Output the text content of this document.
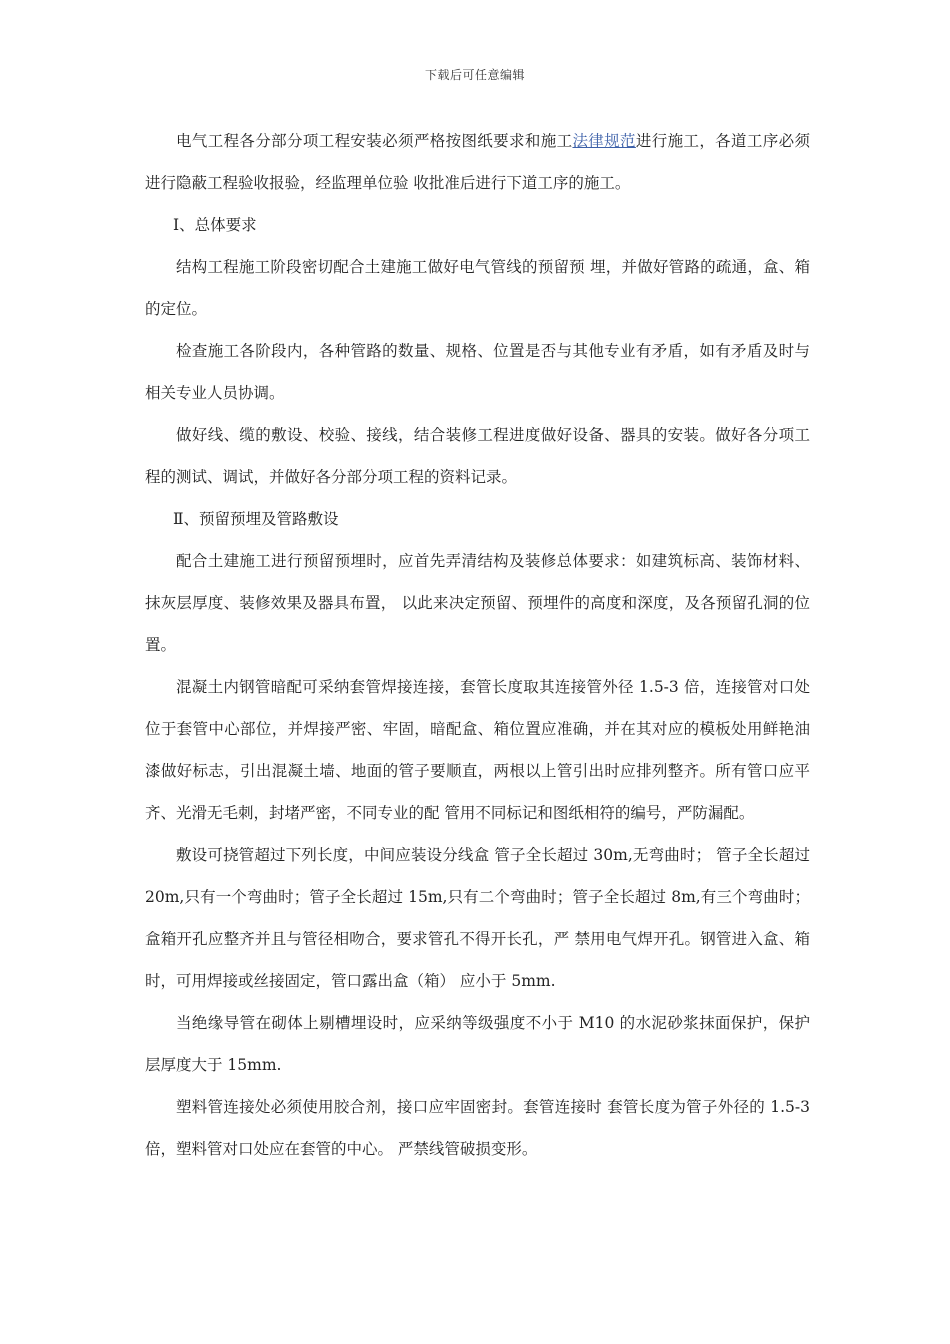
下载后可任意编辑

电气工程各分部分项工程安装必须严格按图纸要求和施工法律规范进行施工，各道工序必须进行隐蔽工程验收报验，经监理单位验 收批准后进行下道工序的施工。

Ⅰ、总体要求

结构工程施工阶段密切配合土建施工做好电气管线的预留预 埋，并做好管路的疏通，盒、箱的定位。

检查施工各阶段内，各种管路的数量、规格、位置是否与其他专业有矛盾，如有矛盾及时与相关专业人员协调。

做好线、缆的敷设、校验、接线，结合装修工程进度做好设备、器具的安装。做好各分项工程的测试、调试，并做好各分部分项工程的资料记录。

Ⅱ、预留预埋及管路敷设

配合土建施工进行预留预埋时，应首先弄清结构及装修总体要求：如建筑标高、装饰材料、抹灰层厚度、装修效果及器具布置， 以此来决定预留、预埋件的高度和深度，及各预留孔洞的位置。

混凝土内钢管暗配可采纳套管焊接连接，套管长度取其连接管外径 1.5-3 倍，连接管对口处位于套管中心部位，并焊接严密、牢固，暗配盒、箱位置应准确，并在其对应的模板处用鲜艳油漆做好标志，引出混凝土墙、地面的管子要顺直，两根以上管引出时应排列整齐。所有管口应平齐、光滑无毛刺，封堵严密，不同专业的配 管用不同标记和图纸相符的编号，严防漏配。

敷设可挠管超过下列长度，中间应装设分线盒 管子全长超过 30m,无弯曲时； 管子全长超过 20m,只有一个弯曲时；管子全长超过 15m,只有二个弯曲时；管子全长超过 8m,有三个弯曲时；盒箱开孔应整齐并且与管径相吻合，要求管孔不得开长孔，严 禁用电气焊开孔。钢管进入盒、箱时，可用焊接或丝接固定，管口露出盒（箱） 应小于 5mm.

当绝缘导管在砌体上剔槽埋设时，应采纳等级强度不小于 M10 的水泥砂浆抹面保护，保护层厚度大于 15mm.

塑料管连接处必须使用胶合剂，接口应牢固密封。套管连接时 套管长度为管子外径的 1.5-3 倍，塑料管对口处应在套管的中心。 严禁线管破损变形。
